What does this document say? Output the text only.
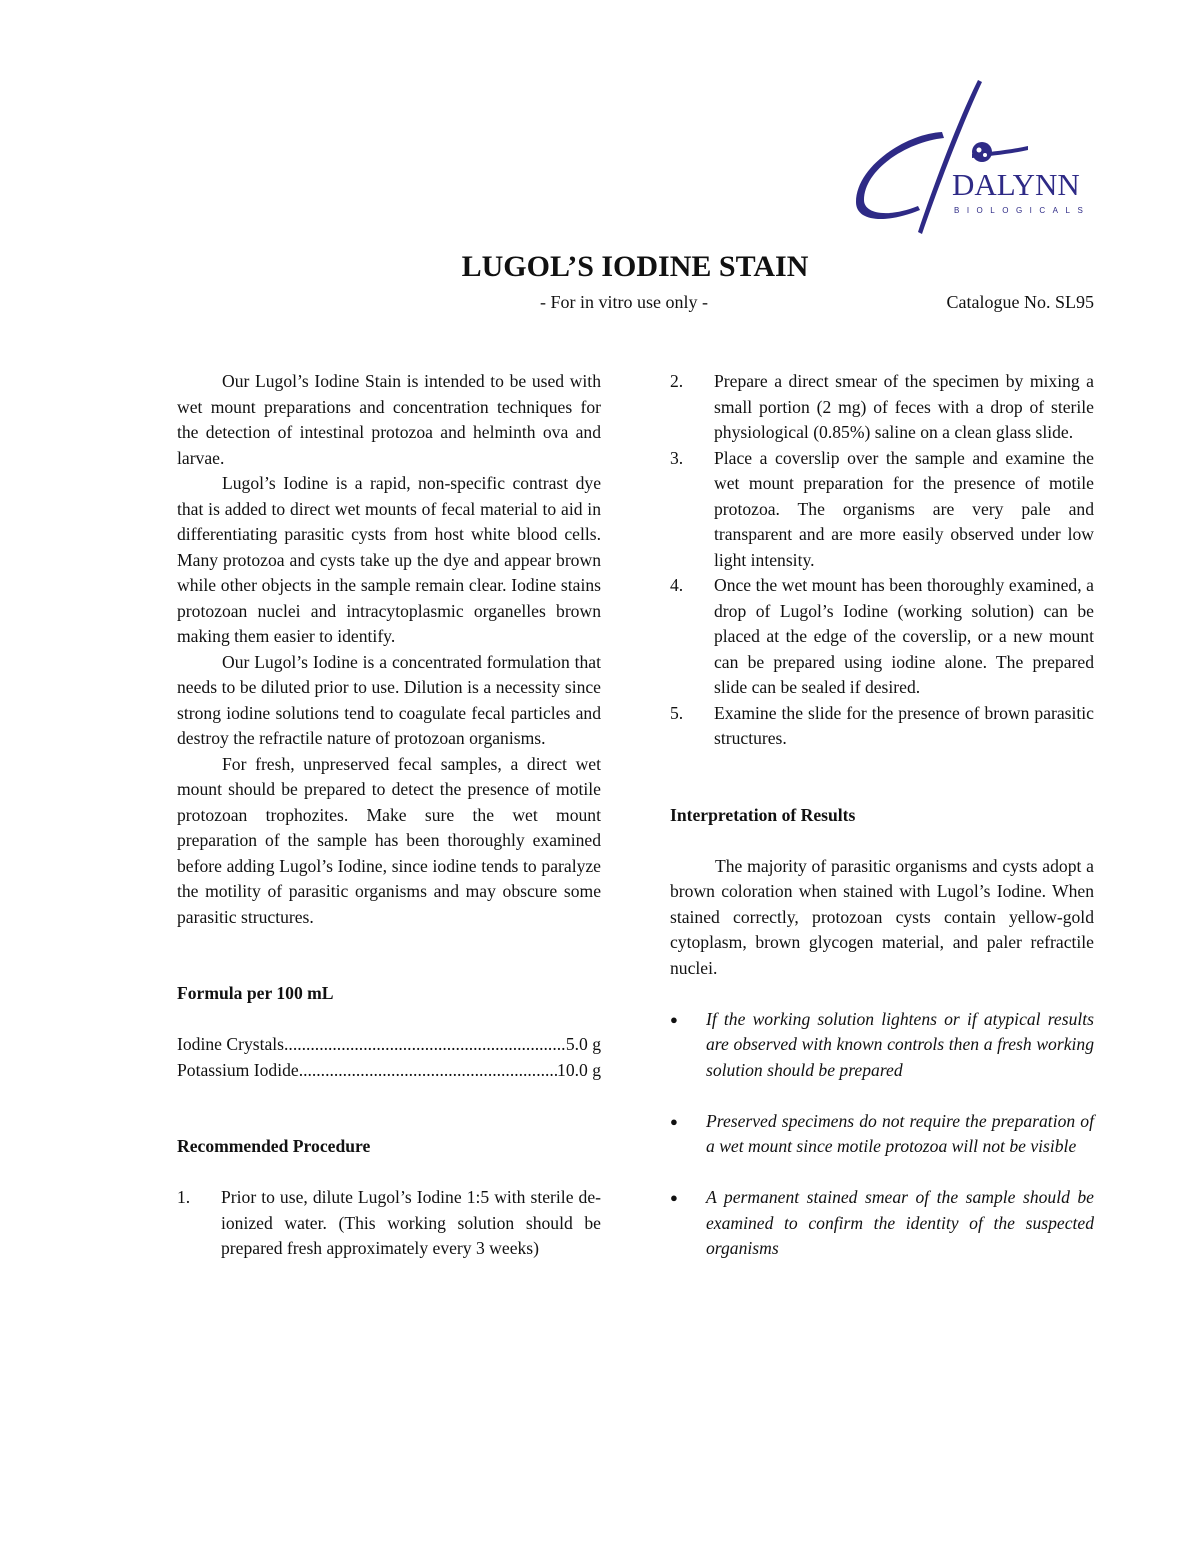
DALYNN
BIOLOGICALS
LUGOL’S IODINE STAIN
- For in vitro use only -	Catalogue No. SL95

Our Lugol’s Iodine Stain is intended to be used with wet mount preparations and concentration techniques for the detection of intestinal protozoa and helminth ova and larvae.

Lugol’s Iodine is a rapid, non-specific contrast dye that is added to direct wet mounts of fecal material to aid in differentiating parasitic cysts from host white blood cells. Many protozoa and cysts take up the dye and appear brown while other objects in the sample remain clear. Iodine stains protozoan nuclei and intracytoplasmic organelles brown making them easier to identify.

Our Lugol’s Iodine is a concentrated formulation that needs to be diluted prior to use. Dilution is a necessity since strong iodine solutions tend to coagulate fecal particles and destroy the refractile nature of protozoan organisms.

For fresh, unpreserved fecal samples, a direct wet mount should be prepared to detect the presence of motile protozoan trophozites. Make sure the wet mount preparation of the sample has been thoroughly examined before adding Lugol’s Iodine, since iodine tends to paralyze the motility of parasitic organisms and may obscure some parasitic structures.

Formula per 100 mL
Iodine Crystals .....	5.0 g
Potassium Iodide .....	10.0 g
Recommended Procedure
1.	Prior to use, dilute Lugol’s Iodine 1:5 with sterile de-ionized water. (This working solution should be prepared fresh approximately every 3 weeks)
2.	Prepare a direct smear of the specimen by mixing a small portion (2 mg) of feces with a drop of sterile physiological (0.85%) saline on a clean glass slide.
3.	Place a coverslip over the sample and examine the wet mount preparation for the presence of motile protozoa. The organisms are very pale and transparent and are more easily observed under low light intensity.
4.	Once the wet mount has been thoroughly examined, a drop of Lugol’s Iodine (working solution) can be placed at the edge of the coverslip, or a new mount can be prepared using iodine alone. The prepared slide can be sealed if desired.
5.	Examine the slide for the presence of brown parasitic structures.
Interpretation of Results

The majority of parasitic organisms and cysts adopt a brown coloration when stained with Lugol’s Iodine. When stained correctly, protozoan cysts contain yellow-gold cytoplasm, brown glycogen material, and paler refractile nuclei.

●	If the working solution lightens or if atypical results are observed with known controls then a fresh working solution should be prepared
●	Preserved specimens do not require the preparation of a wet mount since motile protozoa will not be visible
●	A permanent stained smear of the sample should be examined to confirm the identity of the suspected organisms
